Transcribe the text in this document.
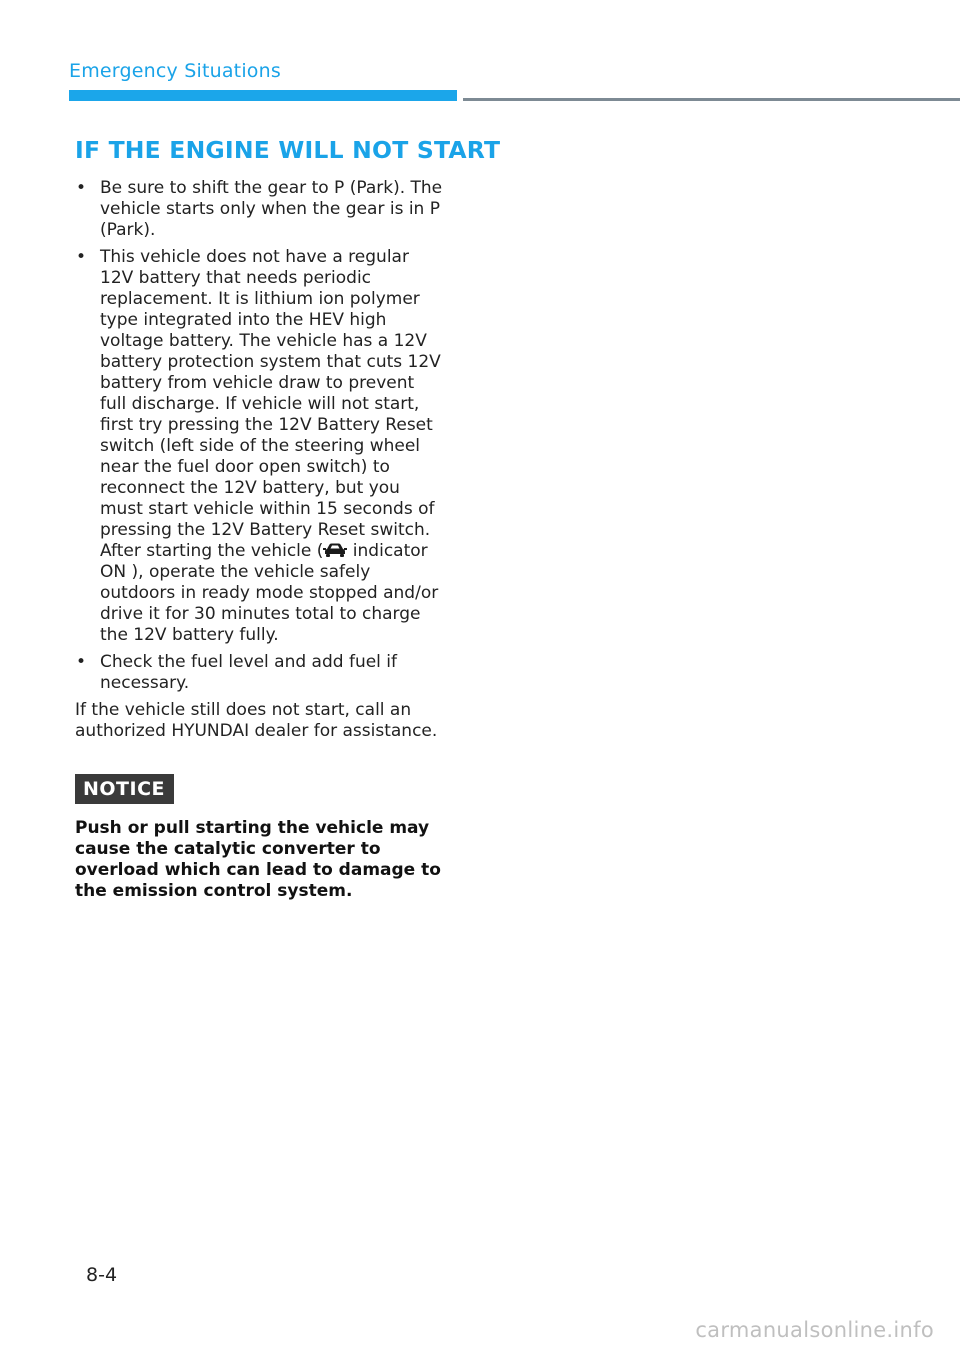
Emergency Situations
IF THE ENGINE WILL NOT START
• Be sure to shift the gear to P (Park). The vehicle starts only when the gear is in P (Park).
• This vehicle does not have a regular 12V battery that needs periodic replacement. It is lithium ion polymer type integrated into the HEV high voltage battery. The vehicle has a 12V battery protection system that cuts 12V battery from vehicle draw to prevent full discharge. If vehicle will not start, first try pressing the 12V Battery Reset switch (left side of the steering wheel near the fuel door open switch) to reconnect the 12V battery, but you must start vehicle within 15 seconds of pressing the 12V Battery Reset switch. After starting the vehicle ( indicator ON ), operate the vehicle safely outdoors in ready mode stopped and/or drive it for 30 minutes total to charge the 12V battery fully.
• Check the fuel level and add fuel if necessary.

If the vehicle still does not start, call an authorized HYUNDAI dealer for assistance.

NOTICE

Push or pull starting the vehicle may cause the catalytic converter to overload which can lead to damage to the emission control system.

8-4
carmanualsonline.info
